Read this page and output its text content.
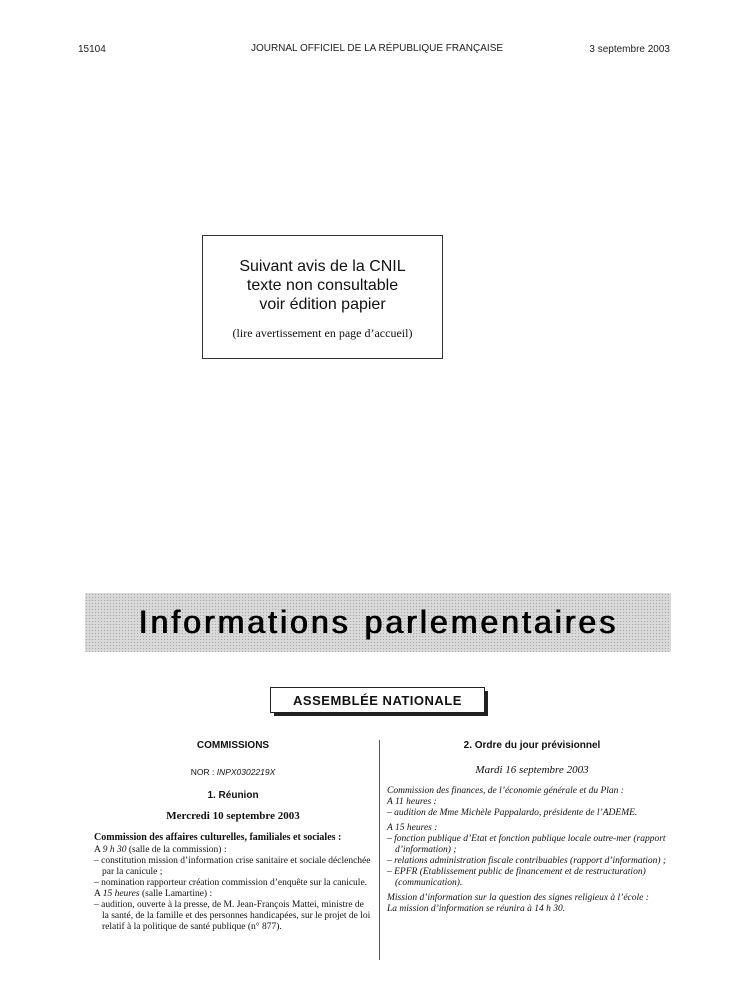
15104	JOURNAL OFFICIEL DE LA RÉPUBLIQUE FRANÇAISE	3 septembre 2003
Suivant avis de la CNIL
texte non consultable
voir édition papier
(lire avertissement en page d’accueil)
Informations parlementaires
ASSEMBLÉE NATIONALE
COMMISSIONS
NOR : INPX0302219X
1. Réunion
Mercredi 10 septembre 2003
Commission des affaires culturelles, familiales et sociales :
A 9 h 30 (salle de la commission) :
– constitution mission d’information crise sanitaire et sociale déclenchée par la canicule ;
– nomination rapporteur création commission d’enquête sur la canicule.
A 15 heures (salle Lamartine) :
– audition, ouverte à la presse, de M. Jean-François Mattei, ministre de la santé, de la famille et des personnes handicapées, sur le projet de loi relatif à la politique de santé publique (n° 877).
2. Ordre du jour prévisionnel
Mardi 16 septembre 2003
Commission des finances, de l’économie générale et du Plan :
A 11 heures :
– audition de Mme Michèle Pappalardo, présidente de l’ADEME.
A 15 heures :
– fonction publique d’Etat et fonction publique locale outre-mer (rapport d’information) ;
– relations administration fiscale contribuables (rapport d’information) ;
– EPFR (Etablissement public de financement et de restructuration) (communication).
Mission d’information sur la question des signes religieux à l’école :
La mission d’information se réunira à 14 h 30.
